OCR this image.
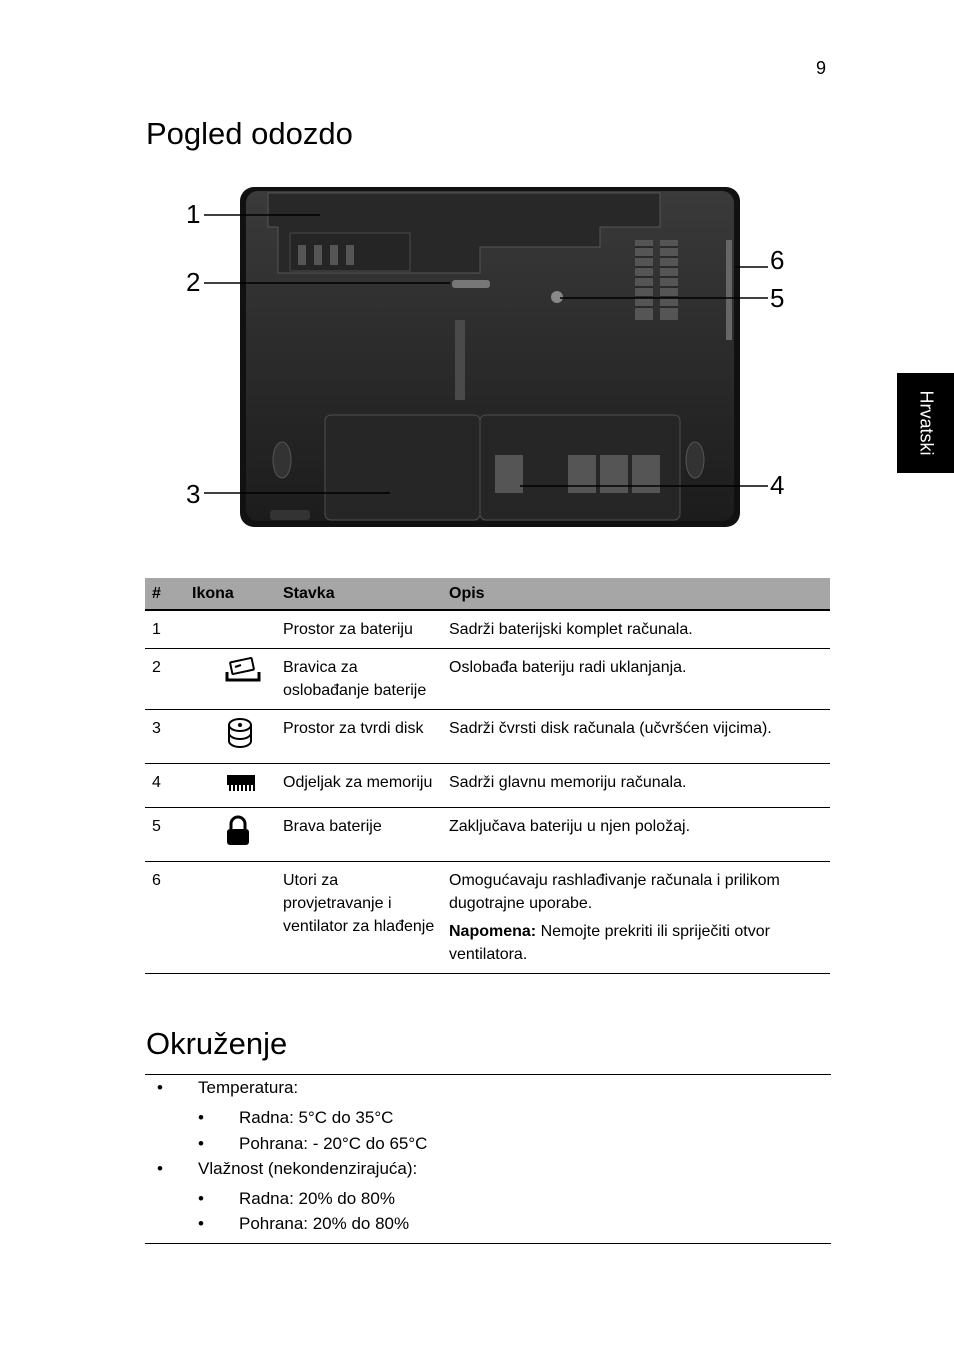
9
Hrvatski
Pogled odozdo
1
2
3	4
5
6
#	Ikona	Stavka	Opis
1		Prostor za bateriju	Sadrži baterijski komplet računala.
2		Bravica za oslobađanje baterije	Oslobađa bateriju radi uklanjanja.
3		Prostor za tvrdi disk	Sadrži čvrsti disk računala (učvršćen vijcima).
4		Odjeljak za memoriju	Sadrži glavnu memoriju računala.
5		Brava baterije	Zaključava bateriju u njen položaj.
6		Utori za provjetravanje i ventilator za hlađenje	Omogućavaju rashlađivanje računala i prilikom dugotrajne uporabe.

Napomena: Nemojte prekriti ili spriječiti otvor ventilatora.

Okruženje
• Temperatura:
• Radna: 5°C do 35°C
• Pohrana: - 20°C do 65°C
• Vlažnost (nekondenzirajuća):
• Radna: 20% do 80%
• Pohrana: 20% do 80%
